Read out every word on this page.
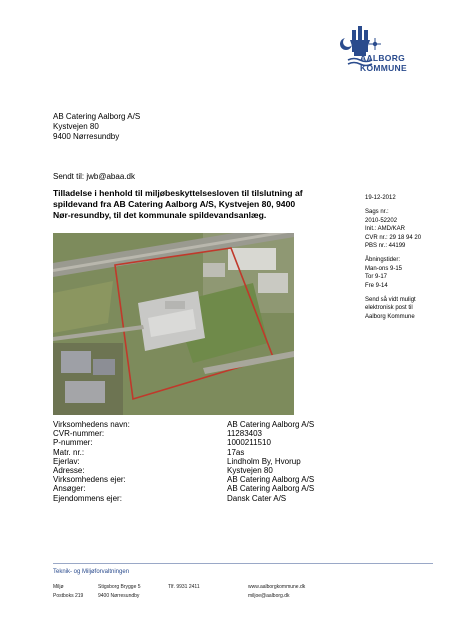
AALBORG
KOMMUNE
AB Catering Aalborg A/S
Kystvejen 80
9400 Nørresundby
Sendt til: jwb@abaa.dk
Tilladelse i henhold til miljøbeskyttelsesloven til tilslutning af spildevand fra AB Catering Aalborg A/S, Kystvejen 80, 9400 Nør-resundby, til det kommunale spildevandsanlæg.
19-12-2012
Sags nr.:
2010-52202
Init.: AMD/KAR
CVR nr.: 29 18 94 20
PBS nr.: 44199
Åbningstider:
Man-ons 9-15
Tor 9-17
Fre 9-14
Send så vidt muligt
elektronisk post til
Aalborg Kommune
Virksomhedens navn:	AB Catering Aalborg A/S
CVR-nummer:	11283403
P-nummer:	1000211510
Matr. nr.:	17as
Ejerlav:	Lindholm By, Hvorup
Adresse:	Kystvejen 80
Virksomhedens ejer:	AB Catering Aalborg A/S
Ansøger:	AB Catering Aalborg A/S
Ejendommens ejer:	Dansk Cater A/S
Teknik- og Miljøforvaltningen
Miljø
Postboks 219
Stigsborg Brygge 5
9400 Nørresundby
Tlf. 9931 2411	www.aalborgkommune.dk
miljoe@aalborg.dk
